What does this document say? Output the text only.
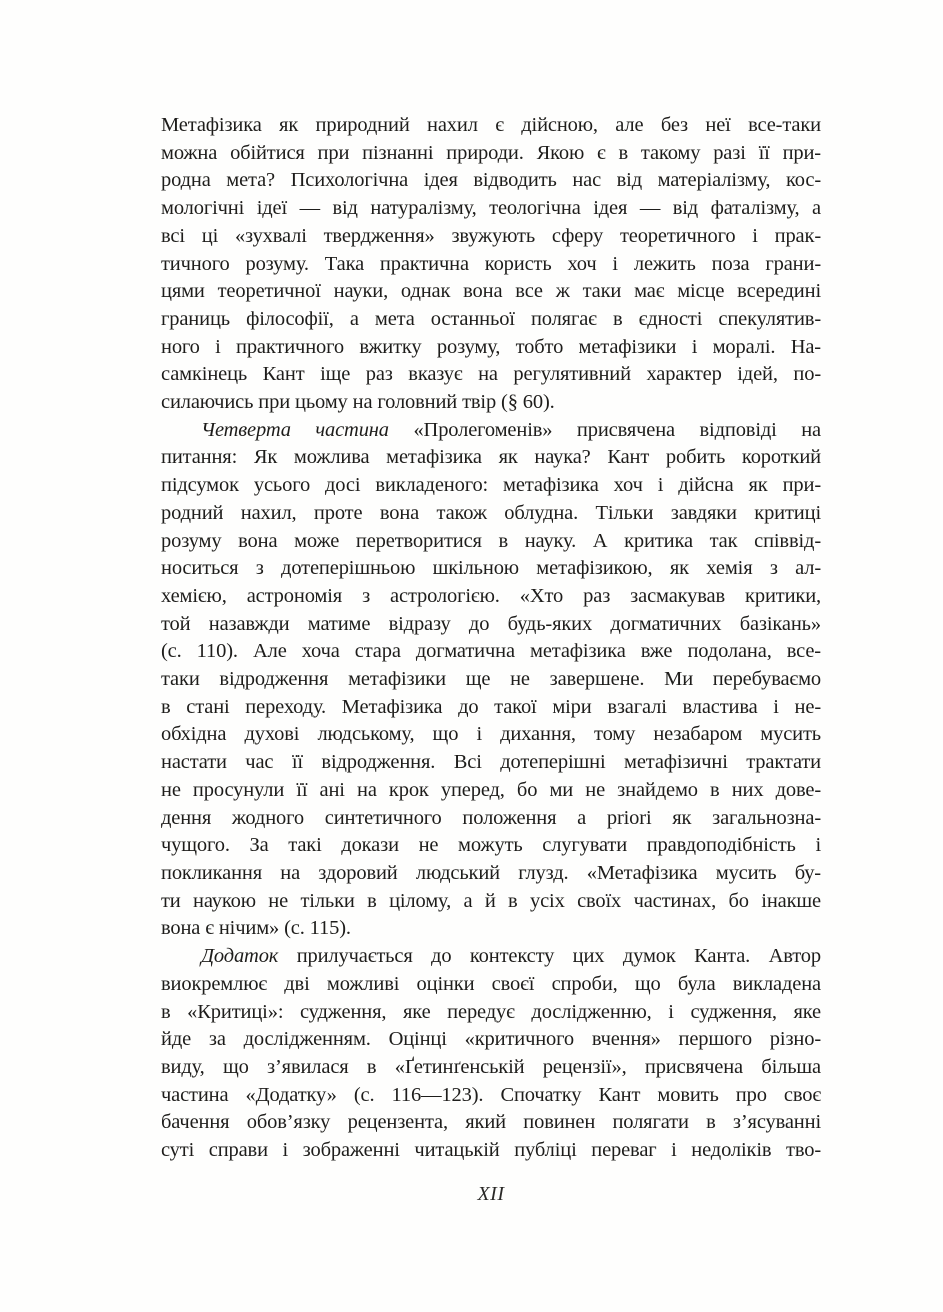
Метафізика як природний нахил є дійсною, але без неї все-таки
можна обійтися при пізнанні природи. Якою є в такому разі її при-
родна мета? Психологічна ідея відводить нас від матеріалізму, кос-
мологічні ідеї — від натуралізму, теологічна ідея — від фаталізму, а
всі ці «зухвалі твердження» звужують сферу теоретичного і прак-
тичного розуму. Така практична користь хоч і лежить поза грани-
цями теоретичної науки, однак вона все ж таки має місце всередині
границь філософії, а мета останньої полягає в єдності спекулятив-
ного і практичного вжитку розуму, тобто метафізики і моралі. На-
самкінець Кант іще раз вказує на регулятивний характер ідей, по-
силаючись при цьому на головний твір (§ 60).
Четверта частина «Пролегоменів» присвячена відповіді на
питання: Як можлива метафізика як наука? Кант робить короткий
підсумок усього досі викладеного: метафізика хоч і дійсна як при-
родний нахил, проте вона також облудна. Тільки завдяки критиці
розуму вона може перетворитися в науку. А критика так співвід-
носиться з дотеперішньою шкільною метафізикою, як хемія з ал-
хемією, астрономія з астрологією. «Хто раз засмакував критики,
той назавжди матиме відразу до будь-яких догматичних базікань»
(с. 110). Але хоча стара догматична метафізика вже подолана, все-
таки відродження метафізики ще не завершене. Ми перебуваємо
в стані переходу. Метафізика до такої міри взагалі властива і не-
обхідна духові людському, що і дихання, тому незабаром мусить
настати час її відродження. Всі дотеперішні метафізичні трактати
не просунули її ані на крок уперед, бо ми не знайдемо в них дове-
дення жодного синтетичного положення a priori як загальнозна-
чущого. За такі докази не можуть слугувати правдоподібність і
покликання на здоровий людський глузд. «Метафізика мусить бу-
ти наукою не тільки в цілому, а й в усіх своїх частинах, бо інакше
вона є нічим» (с. 115).
Додаток прилучається до контексту цих думок Канта. Автор
виокремлює дві можливі оцінки своєї спроби, що була викладена
в «Критиці»: судження, яке передує дослідженню, і судження, яке
йде за дослідженням. Оцінці «критичного вчення» першого різно-
виду, що з’явилася в «Ґетинґенській рецензії», присвячена більша
частина «Додатку» (с. 116—123). Спочатку Кант мовить про своє
бачення обов’язку рецензента, який повинен полягати в з’ясуванні
суті справи і зображенні читацькій публіці переваг і недоліків тво-
XII
